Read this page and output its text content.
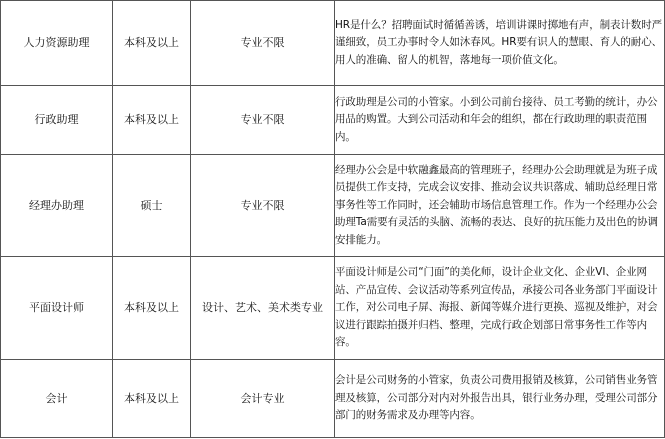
人力资源助理	本科及以上	专业不限	HR是什么？招聘面试时循循善诱，培训讲课时掷地有声，制表计数时严谨细致，员工办事时令人如沐春风。HR要有识人的慧眼、育人的耐心、用人的准确、留人的机智，落地每一项价值文化。

行政助理	本科及以上	专业不限	行政助理是公司的小管家。小到公司前台接待、员工考勤的统计，办公用品的购置。大到公司活动和年会的组织，都在行政助理的职责范围内。

经理办助理	硕士	专业不限	经理办公会是中软融鑫最高的管理班子，经理办公会助理就是为班子成员提供工作支持，完成会议安排、推动会议共识落成、辅助总经理日常事务性等工作同时，还会辅助市场信息管理工作。作为一个经理办公会助理Ta需要有灵活的头脑、流畅的表达、良好的抗压能力及出色的协调安排能力。

平面设计师	本科及以上	设计、艺术、美术类专业	平面设计师是公司“门面”的美化师，设计企业文化、企业VI、企业网站、产品宣传、会议活动等系列宣传品，承接公司各业务部门平面设计工作，对公司电子屏、海报、新闻等媒介进行更换、巡视及维护，对会议进行跟踪拍摄并归档、整理，完成行政企划部日常事务性工作等内容。

会计	本科及以上	会计专业	会计是公司财务的小管家，负责公司费用报销及核算，公司销售业务管理及核算，公司部分对内对外报告出具，银行业务办理，受理公司部分部门的财务需求及办理等内容。
